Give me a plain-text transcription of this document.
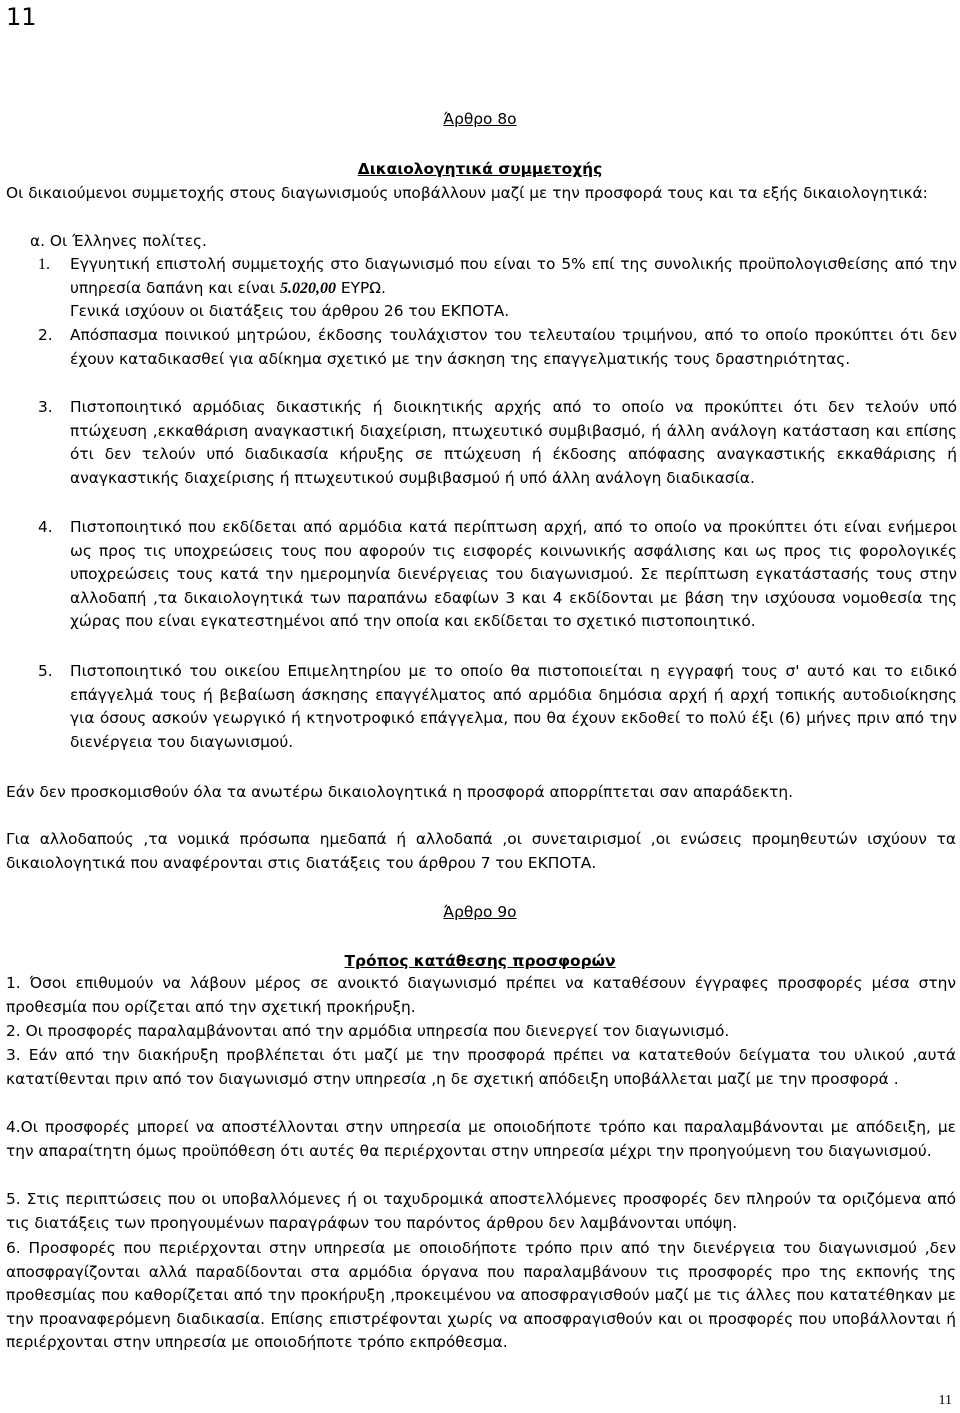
11
Άρθρο 8ο
Δικαιολογητικά συμμετοχής
Οι δικαιούμενοι συμμετοχής στους διαγωνισμούς υποβάλλουν μαζί με την προσφορά τους και τα εξής δικαιολογητικά:
α. Οι Έλληνες πολίτες.
1. Εγγυητική επιστολή συμμετοχής στο διαγωνισμό που είναι το 5% επί της συνολικής προϋπολογισθείσης από την υπηρεσία δαπάνη και είναι 5.020,00 ΕΥΡΩ.
Γενικά ισχύουν οι διατάξεις του άρθρου 26 του ΕΚΠΟΤΑ.
2. Απόσπασμα ποινικού μητρώου, έκδοσης τουλάχιστον του τελευταίου τριμήνου, από το οποίο προκύπτει ότι δεν έχουν καταδικασθεί για αδίκημα σχετικό με την άσκηση της επαγγελματικής τους δραστηριότητας.
3. Πιστοποιητικό αρμόδιας δικαστικής ή διοικητικής αρχής από το οποίο να προκύπτει ότι δεν τελούν υπό πτώχευση ,εκκαθάριση αναγκαστική διαχείριση, πτωχευτικό συμβιβασμό, ή άλλη ανάλογη κατάσταση και επίσης ότι δεν τελούν υπό διαδικασία κήρυξης σε πτώχευση ή έκδοσης απόφασης αναγκαστικής εκκαθάρισης ή αναγκαστικής διαχείρισης ή πτωχευτικού συμβιβασμού ή υπό άλλη ανάλογη διαδικασία.
4. Πιστοποιητικό που εκδίδεται από αρμόδια κατά περίπτωση αρχή, από το οποίο να προκύπτει ότι είναι ενήμεροι ως προς τις υποχρεώσεις τους που αφορούν τις εισφορές κοινωνικής ασφάλισης και ως προς τις φορολογικές υποχρεώσεις τους κατά την ημερομηνία διενέργειας του διαγωνισμού. Σε περίπτωση εγκατάστασής τους στην αλλοδαπή ,τα δικαιολογητικά των παραπάνω εδαφίων 3 και 4 εκδίδονται με βάση την ισχύουσα νομοθεσία της χώρας που είναι εγκατεστημένοι από την οποία και εκδίδεται το σχετικό πιστοποιητικό.
5. Πιστοποιητικό του οικείου Επιμελητηρίου με το οποίο θα πιστοποιείται η εγγραφή τους σ' αυτό και το ειδικό επάγγελμά τους ή βεβαίωση άσκησης επαγγέλματος από αρμόδια δημόσια αρχή ή αρχή τοπικής αυτοδιοίκησης για όσους ασκούν γεωργικό ή κτηνοτροφικό επάγγελμα, που θα έχουν εκδοθεί το πολύ έξι (6) μήνες πριν από την διενέργεια του διαγωνισμού.
Εάν δεν προσκομισθούν όλα τα ανωτέρω δικαιολογητικά η προσφορά απορρίπτεται σαν απαράδεκτη.
Για αλλοδαπούς ,τα νομικά πρόσωπα ημεδαπά ή αλλοδαπά ,οι συνεταιρισμοί ,οι ενώσεις προμηθευτών ισχύουν τα δικαιολογητικά που αναφέρονται στις διατάξεις του άρθρου 7 του ΕΚΠΟΤΑ.
Άρθρο 9ο
Τρόπος κατάθεσης προσφορών
1. Όσοι επιθυμούν να λάβουν μέρος σε ανοικτό διαγωνισμό πρέπει να καταθέσουν έγγραφες προσφορές μέσα στην προθεσμία που ορίζεται από την σχετική προκήρυξη.
2. Οι προσφορές παραλαμβάνονται από την αρμόδια υπηρεσία που διενεργεί τον διαγωνισμό.
3. Εάν από την διακήρυξη προβλέπεται ότι μαζί με την προσφορά πρέπει να κατατεθούν δείγματα του υλικού ,αυτά κατατίθενται πριν από τον διαγωνισμό στην υπηρεσία ,η δε σχετική απόδειξη υποβάλλεται μαζί με την προσφορά .
4.Οι προσφορές μπορεί να αποστέλλονται στην υπηρεσία με οποιοδήποτε τρόπο και παραλαμβάνονται με απόδειξη, με την απαραίτητη όμως προϋπόθεση ότι αυτές θα περιέρχονται στην υπηρεσία μέχρι την προηγούμενη του διαγωνισμού.
5. Στις περιπτώσεις που οι υποβαλλόμενες ή οι ταχυδρομικά αποστελλόμενες προσφορές δεν πληρούν τα οριζόμενα από τις διατάξεις των προηγουμένων παραγράφων του παρόντος άρθρου δεν λαμβάνονται υπόψη.
6. Προσφορές που περιέρχονται στην υπηρεσία με οποιοδήποτε τρόπο πριν από την διενέργεια του διαγωνισμού ,δεν αποσφραγίζονται αλλά παραδίδονται στα αρμόδια όργανα που παραλαμβάνουν τις προσφορές προ της εκπονής της προθεσμίας που καθορίζεται από την προκήρυξη ,προκειμένου να αποσφραγισθούν μαζί με τις άλλες που κατατέθηκαν με την προαναφερόμενη διαδικασία. Επίσης επιστρέφονται χωρίς να αποσφραγισθούν και οι προσφορές που υποβάλλονται ή περιέρχονται στην υπηρεσία με οποιοδήποτε τρόπο εκπρόθεσμα.
11
